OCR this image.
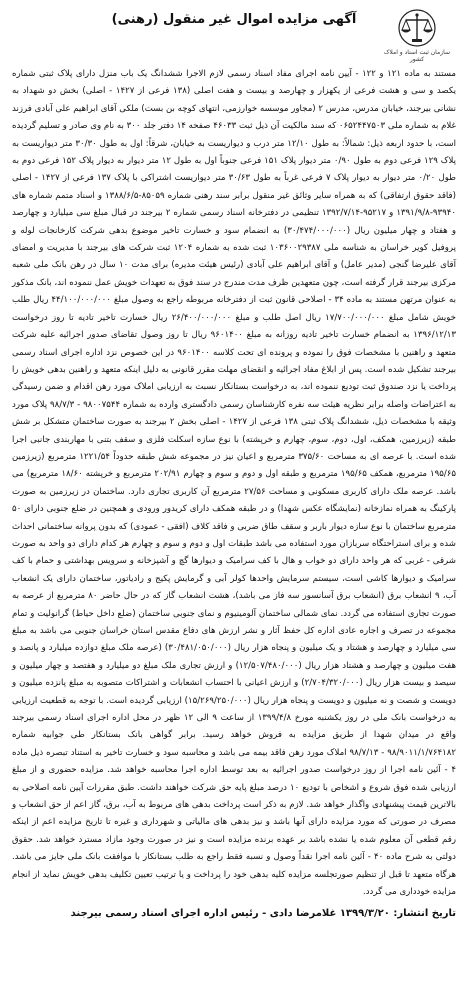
سازمان ثبت اسناد و املاک کشور
آگهی مزایده اموال غیر منقول (رهنی)

مستند به ماده ۱۲۱ و ۱۲۲ - آیین نامه اجرای مفاد اسناد رسمی لازم الاجرا ششدانگ یک باب منزل دارای پلاک ثبتی شماره یکصد و سی و هشت فرعی از یکهزار و چهارصد و بیست و هفت اصلی (۱۳۸ فرعی از ۱۴۲۷ - اصلی) بخش دو شهداد به نشانی بیرجند، خیابان مدرس، مدرس ۲ (مجاور موسسه خوارزمی، انتهای کوچه بن بست) ملکی آقای ابراهیم علی آبادی فرزند غلام به شماره ملی ۰۶۵۲۴۴۷۵۰۳ که سند مالکیت آن ذیل ثبت ۴۶۰۳۳ صفحه ۱۴ دفتر جلد ۳۰۰ به نام وی صادر و تسلیم گردیده است، با حدود اربعه ذیل: شمالاً: به طول ۱۲/۱۰ متر درب و دیواریست به خیابان، شرقاً: اول به طول ۳۰/۳۰ متر دیواریست به پلاک ۱۲۹ فرعی دوم به طول ۰/۹۰ متر دیوار پلاک ۱۵۱ فرعی جنوباً اول به طول ۱۲ متر دیوار به دیوار پلاک ۱۵۲ فرعی دوم به طول ۰/۲۰ متر دیوار به دیوار پلاک ۷ فرعی غرباً به طول ۳۰/۶۳ متر دیواریست اشتراکی با پلاک ۱۳۷ فرعی از ۱۴۲۷ - اصلی (فاقد حقوق ارتفاقی) که به همراه سایر وثائق غیر منقول برابر سند رهنی شماره ۸۵۰۵۹-۱۳۸۸/۶/۵ و اسناد متمم شماره های ۹۳۹۴۰-۱۳۹۱/۹/۸ و ۹۵۲۱۷-۱۳۹۲/۷/۱۴ تنظیمی در دفترخانه اسناد رسمی شماره ۲ بیرجند در قبال مبلغ سی میلیارد و چهارصد و هفتاد و چهار میلیون ریال (۳۰/۴۷۴/۰۰۰/۰۰۰) به انضمام سود و خسارت تاخیر موضوع بدهی شرکت کارخانجات لوله و پروفیل کویر خراسان به شناسه ملی ۱۰۳۶۰۰۲۹۳۸۷ ثبت شده به شماره ۱۲۰۴ ثبت شرکت های بیرجند با مدیریت و امضای آقای علیرضا گنجی (مدیر عامل) و آقای ابراهیم علی آبادی (رئیس هیئت مدیره) برای مدت ۱۰ سال در رهن بانک ملی شعبه مرکزی بیرجند قرار گرفته است، چون متعهدین ظرف مدت مندرج در سند فوق به تعهدات خویش عمل ننموده اند، بانک مذکور به عنوان مرتهن مستند به ماده ۳۴ - اصلاحی قانون ثبت از دفترخانه مربوطه راجع به وصول مبلغ ۴۴/۱۰۰/۰۰۰/۰۰۰ ریال طلب خویش شامل مبلغ ۱۷/۷۰۰/۰۰۰/۰۰۰ ریال اصل طلب و مبلغ ۲۶/۴۰۰/۰۰۰/۰۰۰ ریال خسارت تاخیر تادیه تا روز درخواست ۱۳۹۶/۱۲/۱۳ به انضمام خسارت تاخیر تادیه روزانه به مبلغ ۹۶۰۱۴۰۰ ریال تا روز وصول تقاضای صدور اجرائیه علیه شرکت متعهد و راهنین با مشخصات فوق را نموده و پرونده ای تحت کلاسه ۹۶۰۱۴۰۰ در این خصوص نزد اداره اجرای اسناد رسمی بیرجند تشکیل شده است. پس از ابلاغ مفاد اجرائیه و انقضای مهلت مقرر قانونی به دلیل اینکه متعهد و راهنین بدهی خویش را پرداخت یا نزد صندوق ثبت تودیع ننموده اند، به درخواست بستانکار نسبت به ارزیابی املاک مورد رهن اقدام و ضمن رسیدگی به اعتراضات واصله برابر نظریه هیئت سه نفره کارشناسان رسمی دادگستری وارده به شماره ۹۸۰۰۷۵۴۴ - ۹۸/۷/۳ پلاک مورد وثیقه با مشخصات ذیل، ششدانگ پلاک ثبتی ۱۳۸ فرعی از ۱۴۲۷ - اصلی بخش ۲ بیرجند به صورت ساختمان متشکل بر شش طبقه (زیرزمین، همکف، اول، دوم، سوم، چهارم و خرپشته) با نوع سازه اسکلت فلزی و سقف بتنی با مهاربندی جانبی اجرا شده است. با عرصه ای به مساحت ۳۷۵/۶۰ مترمربع و اعیان نیز در مجموعه شش طبقه حدوداً ۱۲۲۱/۵۴ مترمربع (زیرزمین ۱۹۵/۶۵ مترمربع، همکف ۱۹۵/۶۵ مترمربع و طبقه اول و دوم و سوم و چهارم ۲۰۲/۹۱ مترمربع و خرپشته ۱۸/۶۰ مترمربع) می باشد. عرصه ملک دارای کاربری مسکونی و مساحت ۲۷/۵۶ مترمربع آن کاربری تجاری دارد. ساختمان در زیرزمین به صورت پارکینگ به همراه نمازخانه (نمایشگاه عکس شهدا) و در طبقه همکف دارای کریدور ورودی و همچنین در ضلع جنوبی دارای ۵۰ مترمربع ساختمان با نوع سازه دیوار باربر و سقف طاق ضربی و فاقد کلاف (افقی - عمودی) که بدون پروانه ساختمانی احداث شده و برای استراحتگاه سربازان مورد استفاده می باشد طبقات اول و دوم و سوم و چهارم هر کدام دارای دو واحد به صورت شرقی - غربی که هر واحد دارای دو خواب و هال با کف سرامیک و دیوارها گچ و آشپزخانه و سرویس بهداشتی و حمام با کف سرامیک و دیوارها کاشی است، سیستم سرمایش واحدها کولر آبی و گرمایش پکیج و رادیاتور، ساختمان دارای یک انشعاب آب، ۹ انشعاب برق (انشعاب برق آسانسور سه فاز می باشد)، هشت انشعاب گاز که در حال حاضر ۸۰ مترمربع از عرصه به صورت تجاری استفاده می گردد. نمای شمالی ساختمان آلومینیوم و نمای جنوبی ساختمان (ضلع داخل حیاط) گرانولیت و تمام مجموعه در تصرف و اجاره عادی اداره کل حفظ آثار و نشر ارزش های دفاع مقدس استان خراسان جنوبی می باشد به مبلغ سی میلیارد و چهارصد و هشتاد و یک میلیون و پنجاه هزار ریال (۳۰/۴۸۱/۰۵۰/۰۰۰) (عرصه ملک مبلغ دوازده میلیارد و پانصد و هفت میلیون و چهارصد و هشتاد هزار ریال (۱۲/۵۰۷/۴۸۰/۰۰۰) و ارزش تجاری ملک مبلغ دو میلیارد و هفتصد و چهار میلیون و سیصد و بیست هزار ریال (۲/۷۰۴/۳۲۰/۰۰۰) و ارزش اعیانی با احتساب انشعابات و اشتراکات متصوبه به مبلغ پانزده میلیون و دویست و شصت و نه میلیون و دویست و پنجاه هزار ریال (۱۵/۲۶۹/۲۵۰/۰۰۰) ارزیابی گردیده است. با توجه به قطعیت ارزیابی به درخواست بانک ملی در روز یکشنبه مورخ ۱۳۹۹/۴/۸ از ساعت ۹ الی ۱۲ ظهر در محل اداره اجرای اسناد رسمی بیرجند واقع در میدان شهدا از طریق مزایده به فروش خواهد رسید. برابر گواهی بانک بستانکار طی جوابیه شماره ۹۸/۹۰۱۱/۱/۷۶۴۱۸۲ - ۹۸/۷/۱۳ املاک مورد رهن فاقد بیمه می باشد و محاسبه سود و خسارت تاخیر به استناد تبصره ذیل ماده ۴ - آئین نامه اجرا از روز درخواست صدور اجرائیه به بعد توسط اداره اجرا محاسبه خواهد شد. مزایده حضوری و از مبلغ ارزیابی شده فوق شروع و اشخاص با تودیع ۱۰ درصد مبلغ پایه حق شرکت خواهند داشت. طبق مقررات آیین نامه اصلاحی به بالاترین قیمت پیشنهادی واگذار خواهد شد. لازم به ذکر است پرداخت بدهی های مربوط به آب، برق، گاز اعم از حق انشعاب و مصرف در صورتی که مورد مزایده دارای آنها باشد و نیز بدهی های مالیاتی و شهرداری و غیره تا تاریخ مزایده اعم از اینکه رقم قطعی آن معلوم شده یا نشده باشد بر عهده برنده مزایده است و نیز در صورت وجود مازاد مسترد خواهد شد. حقوق دولتی به شرح ماده ۴۰ - آئین نامه اجرا نقداً وصول و نسبه فقط راجع به طلب بستانکار با موافقت بانک ملی جایز می باشد. هرگاه متعهد تا قبل از تنظیم صورتجلسه مزایده کلیه بدهی خود را پرداخت و یا ترتیب تعیین تکلیف بدهی خویش نماید از انجام مزایده خودداری می گردد.

تاریخ انتشار: ۱۳۹۹/۳/۲۰ غلامرضا دادی - رئیس اداره اجرای اسناد رسمی بیرجند
